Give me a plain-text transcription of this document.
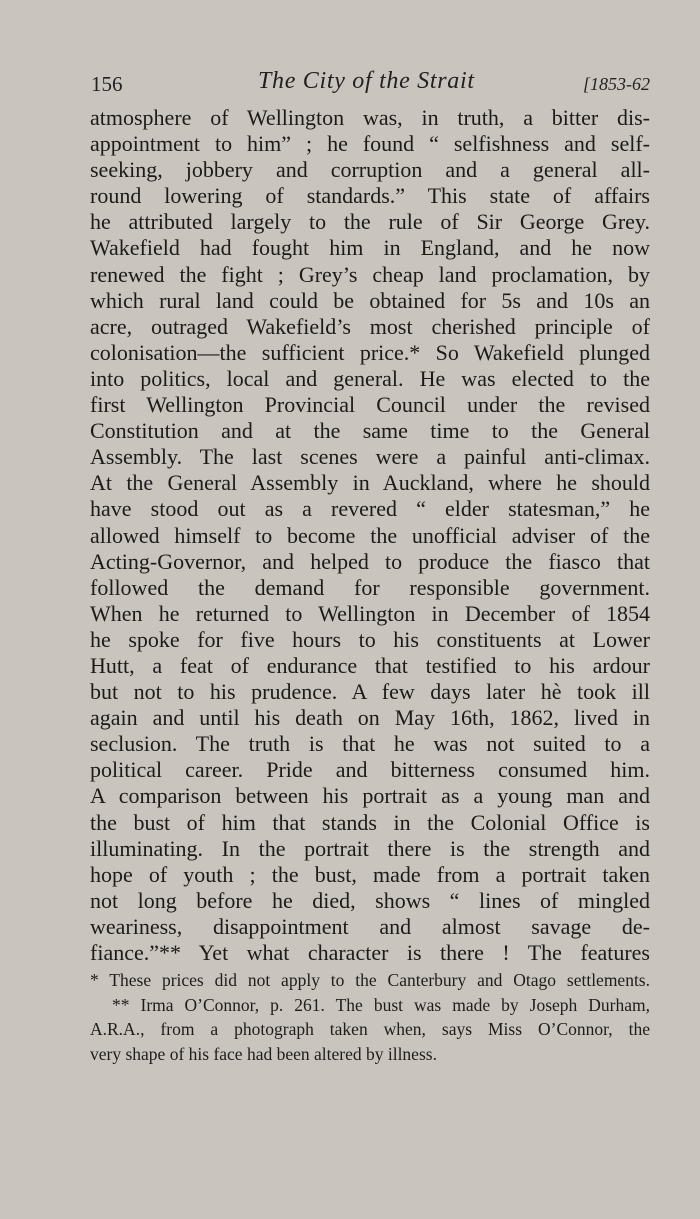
156	The City of the Strait	[1853-62
atmosphere of Wellington was, in truth, a bitter dis-
appointment to him” ; he found “ selfishness and self-
seeking, jobbery and corruption and a general all-
round lowering of standards.” This state of affairs
he attributed largely to the rule of Sir George Grey.
Wakefield had fought him in England, and he now
renewed the fight ; Grey’s cheap land proclamation, by
which rural land could be obtained for 5s and 10s an
acre, outraged Wakefield’s most cherished principle of
colonisation—the sufficient price.* So Wakefield plunged
into politics, local and general. He was elected to the
first Wellington Provincial Council under the revised
Constitution and at the same time to the General
Assembly. The last scenes were a painful anti-climax.
At the General Assembly in Auckland, where he should
have stood out as a revered “ elder statesman,” he
allowed himself to become the unofficial adviser of the
Acting-Governor, and helped to produce the fiasco that
followed the demand for responsible government.
When he returned to Wellington in December of 1854
he spoke for five hours to his constituents at Lower
Hutt, a feat of endurance that testified to his ardour
but not to his prudence. A few days later hè took ill
again and until his death on May 16th, 1862, lived in
seclusion. The truth is that he was not suited to a
political career. Pride and bitterness consumed him.
A comparison between his portrait as a young man and
the bust of him that stands in the Colonial Office is
illuminating. In the portrait there is the strength and
hope of youth ; the bust, made from a portrait taken
not long before he died, shows “ lines of mingled
weariness, disappointment and almost savage de-
fiance.”** Yet what character is there ! The features
* These prices did not apply to the Canterbury and Otago settlements.
** Irma O’Connor, p. 261. The bust was made by Joseph Durham,
A.R.A., from a photograph taken when, says Miss O’Connor, the
very shape of his face had been altered by illness.
